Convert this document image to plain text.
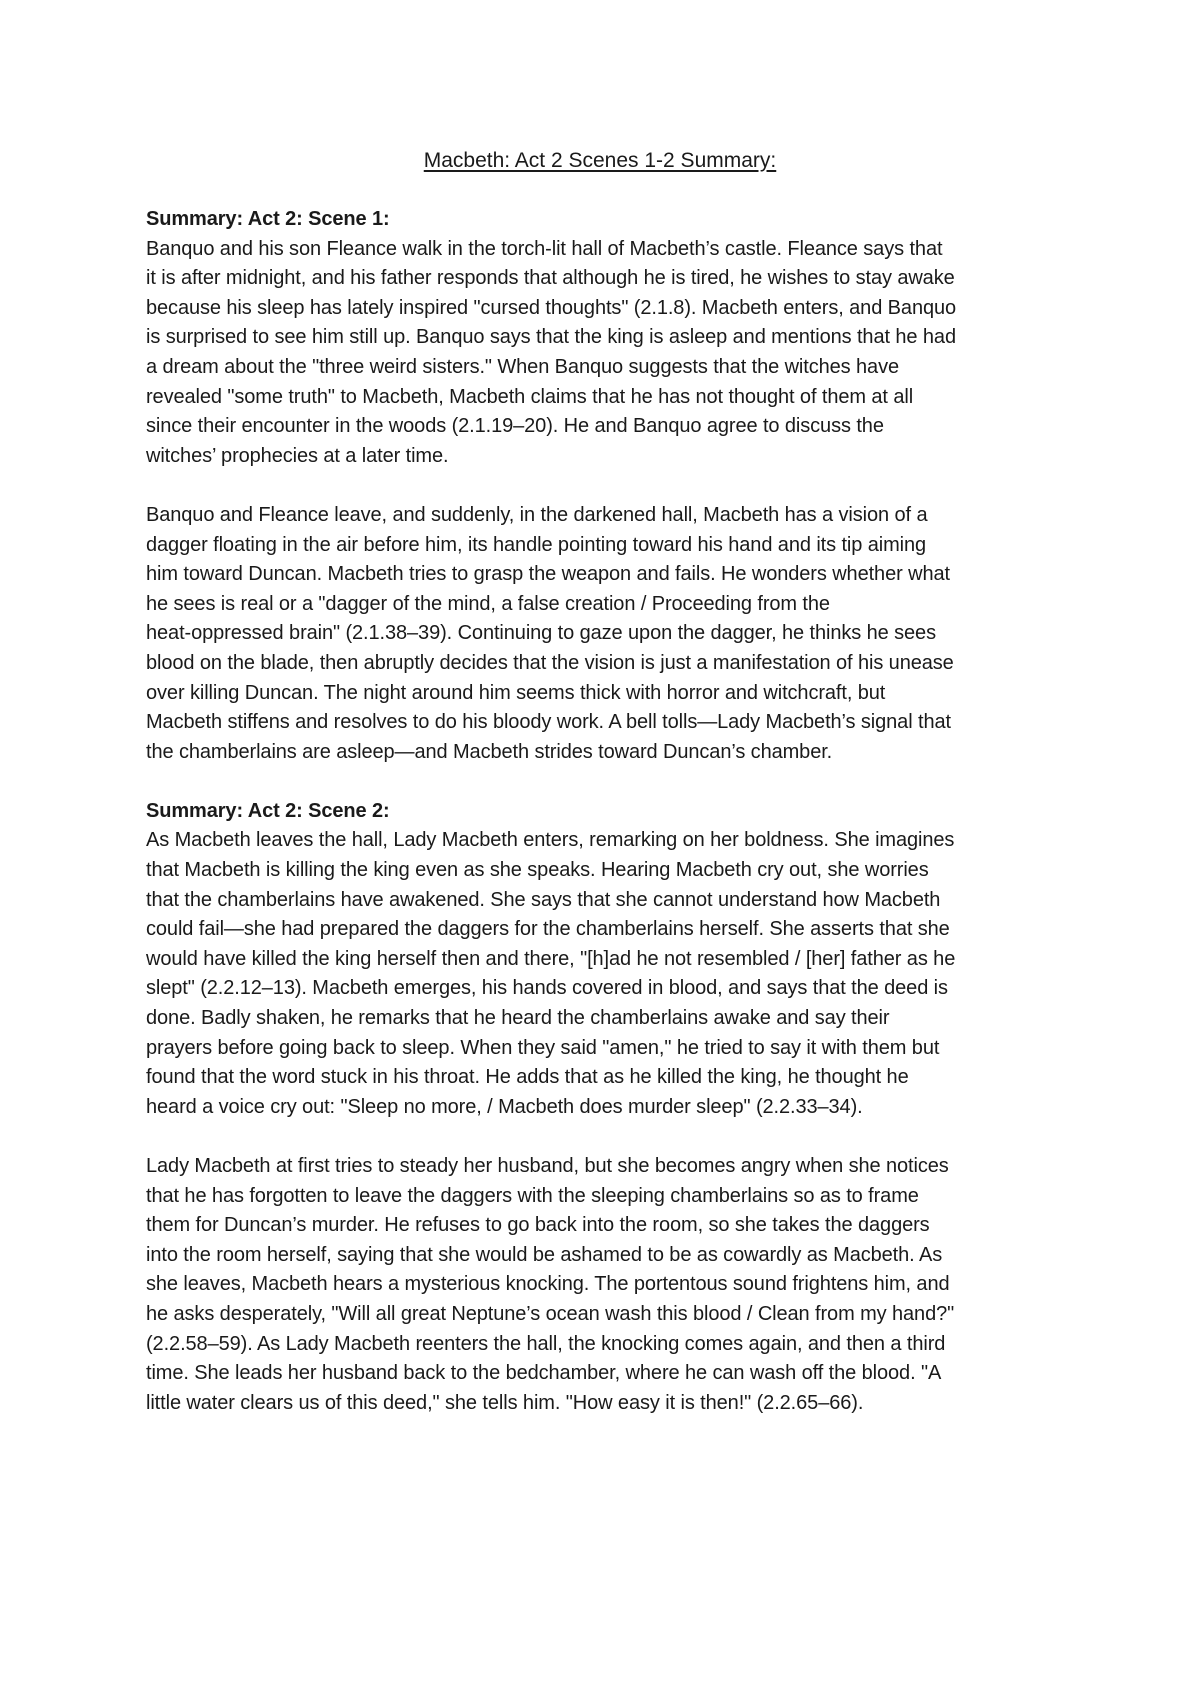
Macbeth: Act 2 Scenes 1-2 Summary:

Summary: Act 2: Scene 1:

Banquo and his son Fleance walk in the torch-lit hall of Macbeth’s castle. Fleance says that

it is after midnight, and his father responds that although he is tired, he wishes to stay awake

because his sleep has lately inspired "cursed thoughts" (2.1.8). Macbeth enters, and Banquo

is surprised to see him still up. Banquo says that the king is asleep and mentions that he had

a dream about the "three weird sisters." When Banquo suggests that the witches have

revealed "some truth" to Macbeth, Macbeth claims that he has not thought of them at all

since their encounter in the woods (2.1.19–20). He and Banquo agree to discuss the

witches’ prophecies at a later time.

Banquo and Fleance leave, and suddenly, in the darkened hall, Macbeth has a vision of a

dagger floating in the air before him, its handle pointing toward his hand and its tip aiming

him toward Duncan. Macbeth tries to grasp the weapon and fails. He wonders whether what

he sees is real or a "dagger of the mind, a false creation / Proceeding from the

heat-oppressed brain" (2.1.38–39). Continuing to gaze upon the dagger, he thinks he sees

blood on the blade, then abruptly decides that the vision is just a manifestation of his unease

over killing Duncan. The night around him seems thick with horror and witchcraft, but

Macbeth stiffens and resolves to do his bloody work. A bell tolls—Lady Macbeth’s signal that

the chamberlains are asleep—and Macbeth strides toward Duncan’s chamber.

Summary: Act 2: Scene 2:

As Macbeth leaves the hall, Lady Macbeth enters, remarking on her boldness. She imagines

that Macbeth is killing the king even as she speaks. Hearing Macbeth cry out, she worries

that the chamberlains have awakened. She says that she cannot understand how Macbeth

could fail—she had prepared the daggers for the chamberlains herself. She asserts that she

would have killed the king herself then and there, "[h]ad he not resembled / [her] father as he

slept" (2.2.12–13). Macbeth emerges, his hands covered in blood, and says that the deed is

done. Badly shaken, he remarks that he heard the chamberlains awake and say their

prayers before going back to sleep. When they said "amen," he tried to say it with them but

found that the word stuck in his throat. He adds that as he killed the king, he thought he

heard a voice cry out: "Sleep no more, / Macbeth does murder sleep" (2.2.33–34).

Lady Macbeth at first tries to steady her husband, but she becomes angry when she notices

that he has forgotten to leave the daggers with the sleeping chamberlains so as to frame

them for Duncan’s murder. He refuses to go back into the room, so she takes the daggers

into the room herself, saying that she would be ashamed to be as cowardly as Macbeth. As

she leaves, Macbeth hears a mysterious knocking. The portentous sound frightens him, and

he asks desperately, "Will all great Neptune’s ocean wash this blood / Clean from my hand?"

(2.2.58–59). As Lady Macbeth reenters the hall, the knocking comes again, and then a third

time. She leads her husband back to the bedchamber, where he can wash off the blood. "A

little water clears us of this deed," she tells him. "How easy it is then!" (2.2.65–66).
